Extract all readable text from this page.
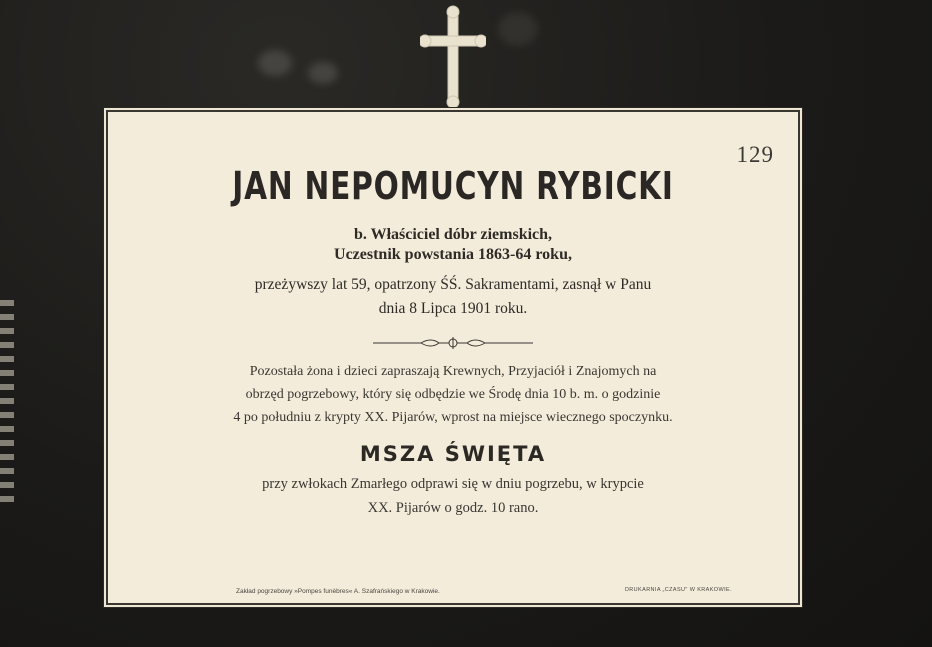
129
JAN NEPOMUCYN RYBICKI
b. Właściciel dóbr ziemskich,
Uczestnik powstania 1863-64 roku,
przeżywszy lat 59, opatrzony ŚŚ. Sakramentami, zasnął w Panu
dnia 8 Lipca 1901 roku.
Pozostała żona i dzieci zapraszają Krewnych, Przyjaciół i Znajomych na
obrzęd pogrzebowy, który się odbędzie we Środę dnia 10 b. m. o godzinie
4 po południu z krypty XX. Pijarów, wprost na miejsce wiecznego spoczynku.
MSZA ŚWIĘTA
przy zwłokach Zmarłego odprawi się w dniu pogrzebu, w krypcie
XX. Pijarów o godz. 10 rano.
Zakład pogrzebowy »Pompes funèbres« A. Szafrańskiego w Krakowie.	DRUKARNIA „CZASU" W KRAKOWIE.
